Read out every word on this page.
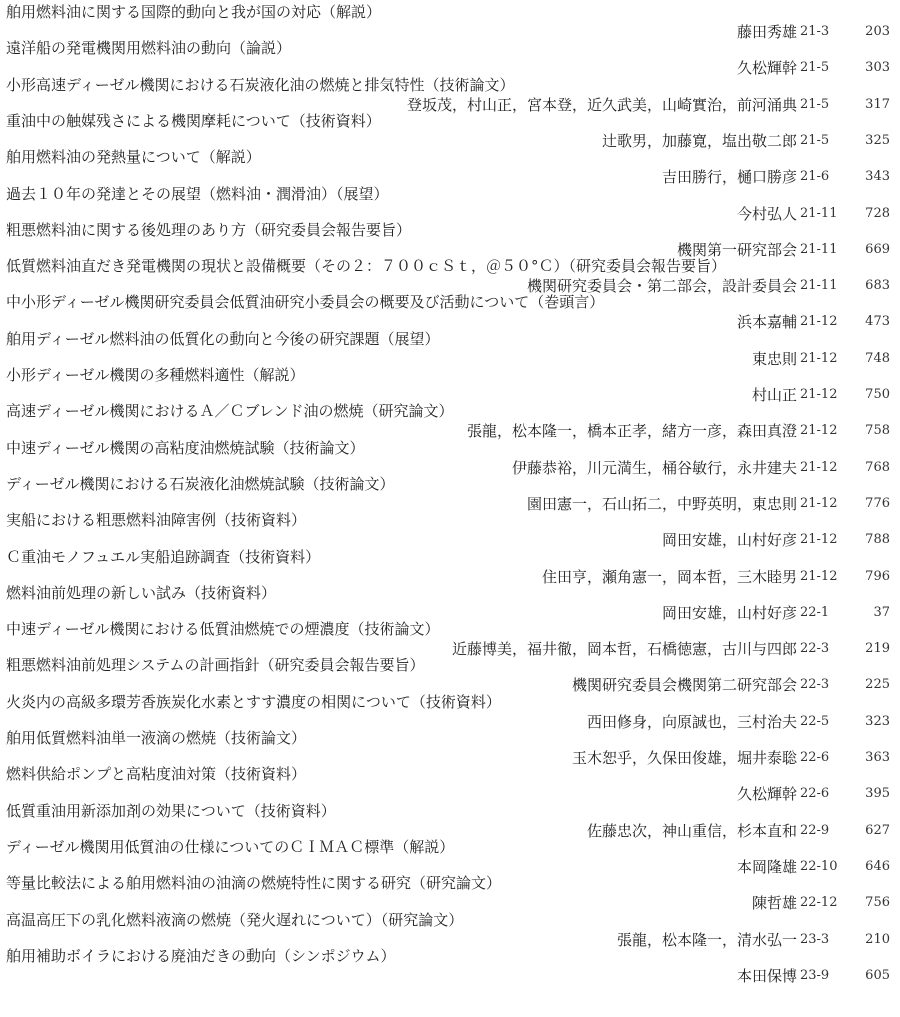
舶用燃料油に関する国際的動向と我が国の対応（解説）
藤田秀雄 21-3	203
遠洋船の発電機関用燃料油の動向（論説）
久松輝幹 21-5	303
小形高速ディーゼル機関における石炭液化油の燃焼と排気特性（技術論文）
登坂茂，村山正，宮本登，近久武美，山崎實治，前河涌典 21-5	317
重油中の触媒残さによる機関摩耗について（技術資料）
辻歌男，加藤寛，塩出敬二郎 21-5	325
舶用燃料油の発熱量について（解説）
吉田勝行，樋口勝彦 21-6	343
過去１０年の発達とその展望（燃料油・潤滑油）（展望）
今村弘人 21-11	728
粗悪燃料油に関する後処理のあり方（研究委員会報告要旨）
機関第一研究部会 21-11	669
低質燃料油直だき発電機関の現状と設備概要（その２：７００ｃＳｔ，＠５０°Ｃ）（研究委員会報告要旨）
機関研究委員会・第二部会，設計委員会 21-11	683
中小形ディーゼル機関研究委員会低質油研究小委員会の概要及び活動について（巻頭言）
浜本嘉輔 21-12	473
舶用ディーゼル燃料油の低質化の動向と今後の研究課題（展望）
東忠則 21-12	748
小形ディーゼル機関の多種燃料適性（解説）
村山正 21-12	750
高速ディーゼル機関におけるＡ／Ｃブレンド油の燃焼（研究論文）
張龍，松本隆一，橋本正孝，緒方一彦，森田真澄 21-12	758
中速ディーゼル機関の高粘度油燃焼試験（技術論文）
伊藤恭裕，川元満生，桶谷敏行，永井建夫 21-12	768
ディーゼル機関における石炭液化油燃焼試験（技術論文）
園田憲一，石山拓二，中野英明，東忠則 21-12	776
実船における粗悪燃料油障害例（技術資料）
岡田安雄，山村好彦 21-12	788
Ｃ重油モノフュエル実船追跡調査（技術資料）
住田亨，瀬角憲一，岡本哲，三木睦男 21-12	796
燃料油前処理の新しい試み（技術資料）
岡田安雄，山村好彦 22-1	37
中速ディーゼル機関における低質油燃焼での煙濃度（技術論文）
近藤博美，福井徹，岡本哲，石橋徳憲，古川与四郎 22-3	219
粗悪燃料油前処理システムの計画指針（研究委員会報告要旨）
機関研究委員会機関第二研究部会 22-3	225
火炎内の高級多環芳香族炭化水素とすす濃度の相関について（技術資料）
西田修身，向原誠也，三村治夫 22-5	323
舶用低質燃料油単一液滴の燃焼（技術論文）
玉木恕乎，久保田俊雄，堀井泰聡 22-6	363
燃料供給ポンプと高粘度油対策（技術資料）
久松輝幹 22-6	395
低質重油用新添加剤の効果について（技術資料）
佐藤忠次，神山重信，杉本直和 22-9	627
ディーゼル機関用低質油の仕様についてのＣＩＭＡＣ標準（解説）
本岡隆雄 22-10	646
等量比較法による舶用燃料油の油滴の燃焼特性に関する研究（研究論文）
陳哲雄 22-12	756
高温高圧下の乳化燃料液滴の燃焼（発火遅れについて）（研究論文）
張龍，松本隆一，清水弘一 23-3	210
舶用補助ボイラにおける廃油だきの動向（シンポジウム）
本田保博 23-9	605
